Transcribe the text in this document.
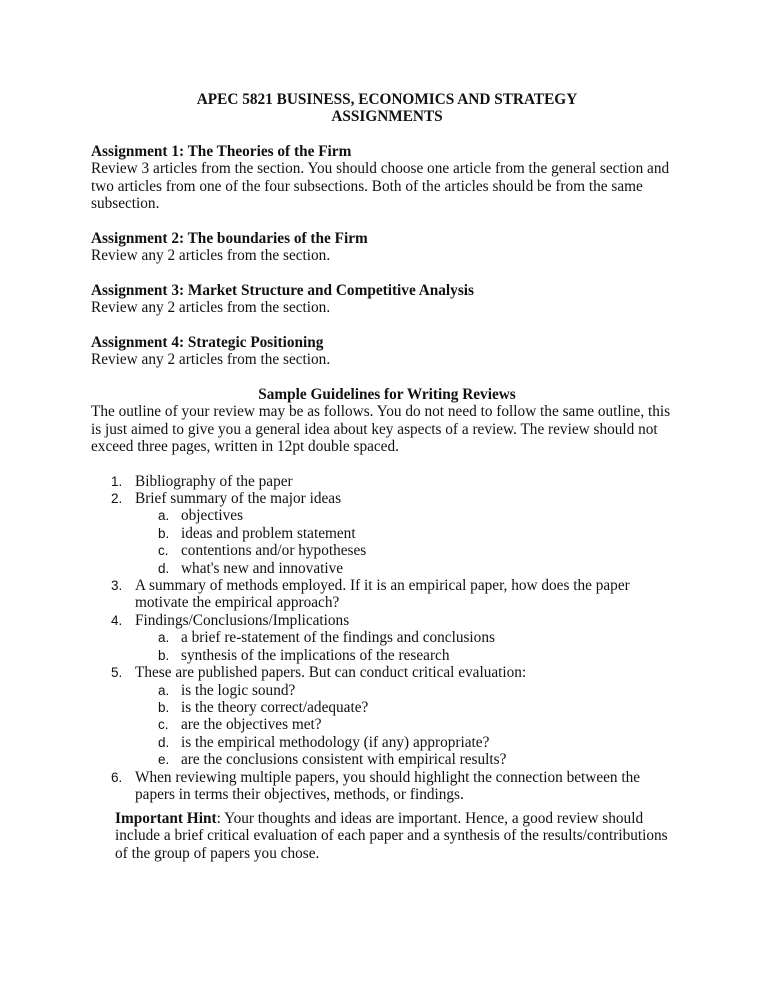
APEC 5821 BUSINESS, ECONOMICS AND STRATEGY
ASSIGNMENTS

Assignment 1: The Theories of the Firm

Review 3 articles from the section. You should choose one article from the general section and two articles from one of the four subsections. Both of the articles should be from the same subsection.

Assignment 2: The boundaries of the Firm

Review any 2 articles from the section.

Assignment 3: Market Structure and Competitive Analysis

Review any 2 articles from the section.

Assignment 4: Strategic Positioning

Review any 2 articles from the section.

Sample Guidelines for Writing Reviews

The outline of your review may be as follows. You do not need to follow the same outline, this is just aimed to give you a general idea about key aspects of a review. The review should not exceed three pages, written in 12pt double spaced.

1. Bibliography of the paper
2. Brief summary of the major ideas
a. objectives
b. ideas and problem statement
c. contentions and/or hypotheses
d. what's new and innovative
3. A summary of methods employed. If it is an empirical paper, how does the paper motivate the empirical approach?
4. Findings/Conclusions/Implications
a. a brief re-statement of the findings and conclusions
b. synthesis of the implications of the research
5. These are published papers. But can conduct critical evaluation:
a. is the logic sound?
b. is the theory correct/adequate?
c. are the objectives met?
d. is the empirical methodology (if any) appropriate?
e. are the conclusions consistent with empirical results?
6. When reviewing multiple papers, you should highlight the connection between the papers in terms their objectives, methods, or findings.

Important Hint: Your thoughts and ideas are important. Hence, a good review should include a brief critical evaluation of each paper and a synthesis of the results/contributions of the group of papers you chose.
